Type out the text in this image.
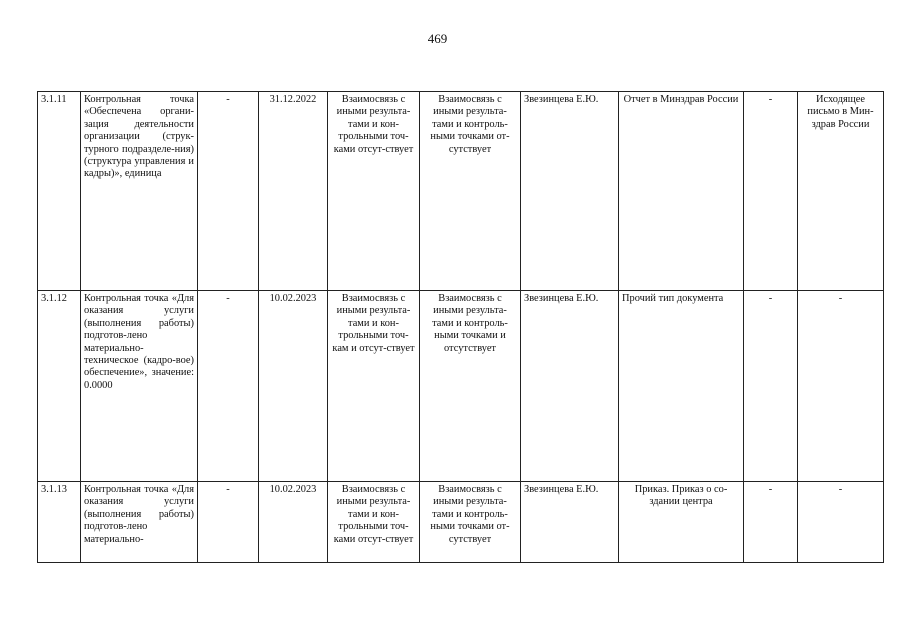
469
3.1.11	Контрольная точка «Обеспечена органи-зация деятельности организации (струк-турного подразделе-ния) (структура управления и кадры)», единица	-	31.12.2022	Взаимосвязь с иными результа-тами и кон-трольными точ-ками отсут-ствует	Взаимосвязь с иными результа-тами и контроль-ными точками от-сутствует	Звезинцева Е.Ю.	Отчет в Минздрав России	-	Исходящее письмо в Мин-здрав России
3.1.12	Контрольная точка «Для оказания услуги (выполнения работы) подготов-лено материально-техническое (кадро-вое) обеспечение», значение: 0.0000	-	10.02.2023	Взаимосвязь с иными результа-тами и кон-трольными точ-кам и отсут-ствует	Взаимосвязь с иными результа-тами и контроль-ными точками и отсутствует	Звезинцева Е.Ю.	Прочий тип документа	-	-
3.1.13	Контрольная точка «Для оказания услуги (выполнения работы) подготов-лено материально-	-	10.02.2023	Взаимосвязь с иными результа-тами и кон-трольными точ-ками отсут-ствует	Взаимосвязь с иными результа-тами и контроль-ными точками от-сутствует	Звезинцева Е.Ю.	Приказ. Приказ о со-здании центра	-	-
